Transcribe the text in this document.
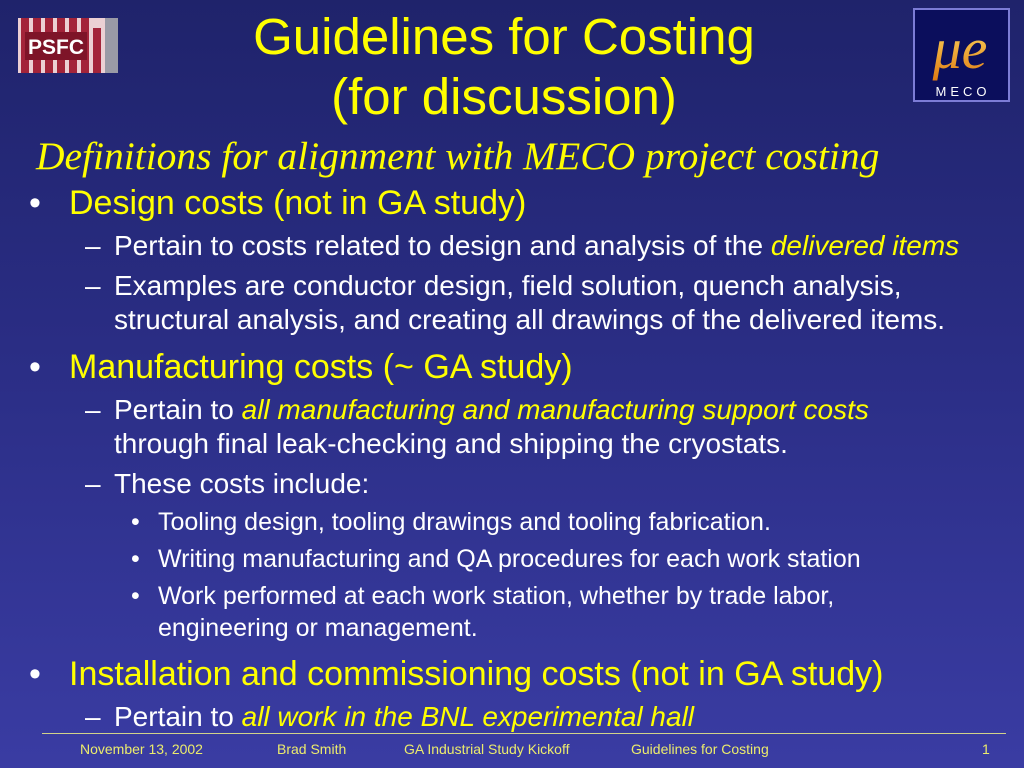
PSFC	μe
MECO
Guidelines for Costing
(for discussion)
Definitions for alignment with MECO project costing
• Design costs (not in GA study)
– Pertain to costs related to design and analysis of the delivered items
– Examples are conductor design, field solution, quench analysis, structural analysis, and creating all drawings of the delivered items.
• Manufacturing costs (~ GA study)
– Pertain to all manufacturing and manufacturing support costs
through final leak-checking and shipping the cryostats.
– These costs include:
• Tooling design, tooling drawings and tooling fabrication.
• Writing manufacturing and QA procedures for each work station
• Work performed at each work station, whether by trade labor, engineering or management.
• Installation and commissioning costs (not in GA study)
– Pertain to all work in the BNL experimental hall
November 13, 2002	Brad Smith	GA Industrial Study Kickoff	Guidelines for Costing	1
